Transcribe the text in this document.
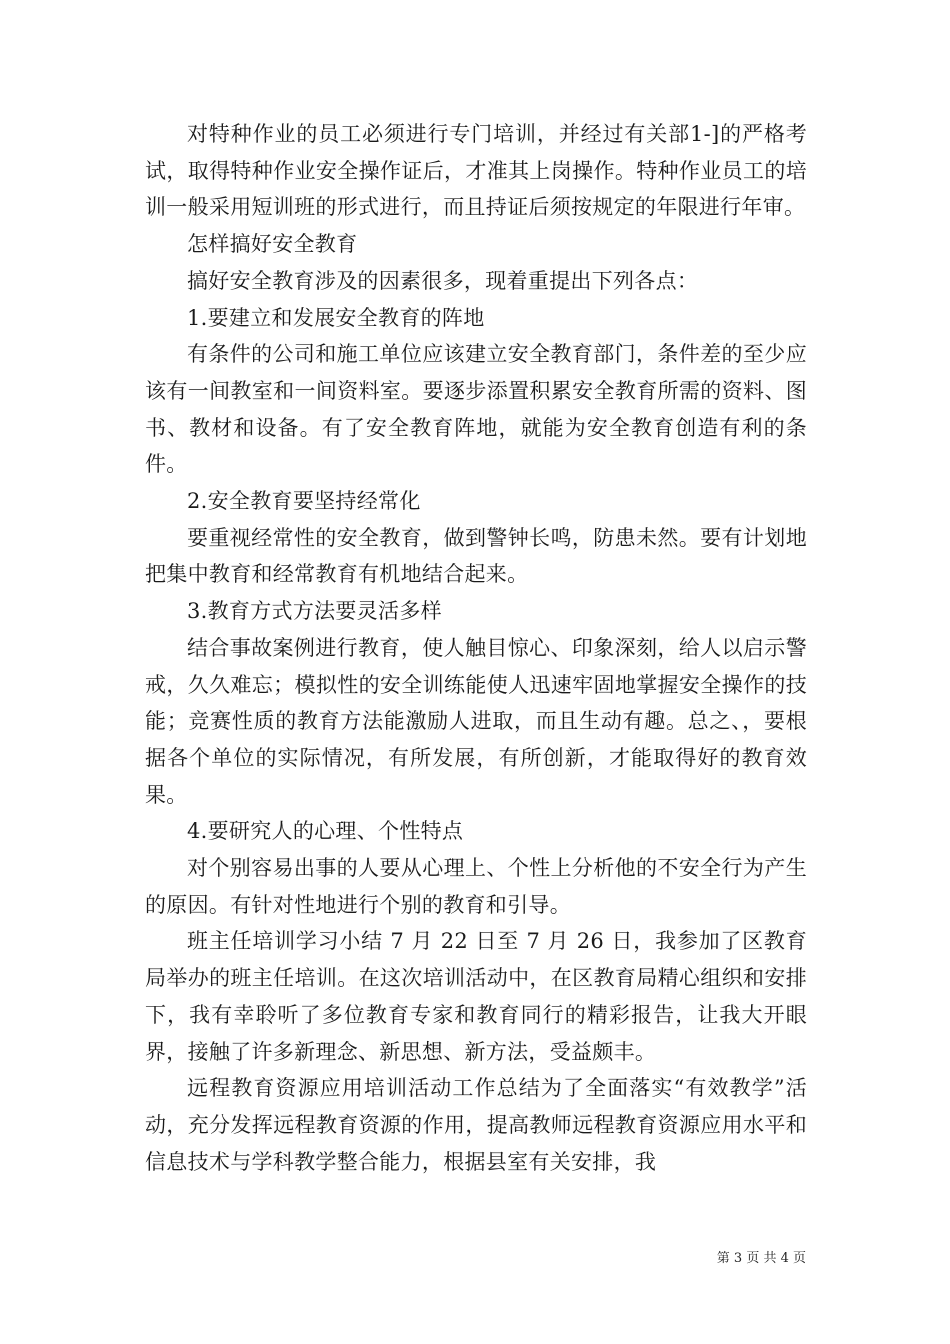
对特种作业的员工必须进行专门培训，并经过有关部1-]的严格考试，取得特种作业安全操作证后，才准其上岗操作。特种作业员工的培训一般采用短训班的形式进行，而且持证后须按规定的年限进行年审。

怎样搞好安全教育

搞好安全教育涉及的因素很多，现着重提出下列各点：

1.要建立和发展安全教育的阵地

有条件的公司和施工单位应该建立安全教育部门，条件差的至少应该有一间教室和一间资料室。要逐步添置积累安全教育所需的资料、图书、教材和设备。有了安全教育阵地，就能为安全教育创造有利的条件。

2.安全教育要坚持经常化

要重视经常性的安全教育，做到警钟长鸣，防患未然。要有计划地把集中教育和经常教育有机地结合起来。

3.教育方式方法要灵活多样

结合事故案例进行教育，使人触目惊心、印象深刻，给人以启示警戒，久久难忘；模拟性的安全训练能使人迅速牢固地掌握安全操作的技能；竞赛性质的教育方法能激励人进取，而且生动有趣。总之、，要根据各个单位的实际情况，有所发展，有所创新，才能取得好的教育效果。

4.要研究人的心理、个性特点

对个别容易出事的人要从心理上、个性上分析他的不安全行为产生的原因。有针对性地进行个别的教育和引导。

班主任培训学习小结 7 月 22 日至 7 月 26 日，我参加了区教育局举办的班主任培训。在这次培训活动中，在区教育局精心组织和安排下，我有幸聆听了多位教育专家和教育同行的精彩报告，让我大开眼界，接触了许多新理念、新思想、新方法，受益颇丰。

远程教育资源应用培训活动工作总结为了全面落实“有效教学”活动，充分发挥远程教育资源的作用，提高教师远程教育资源应用水平和信息技术与学科教学整合能力，根据县室有关安排，我

第 3 页 共 4 页
